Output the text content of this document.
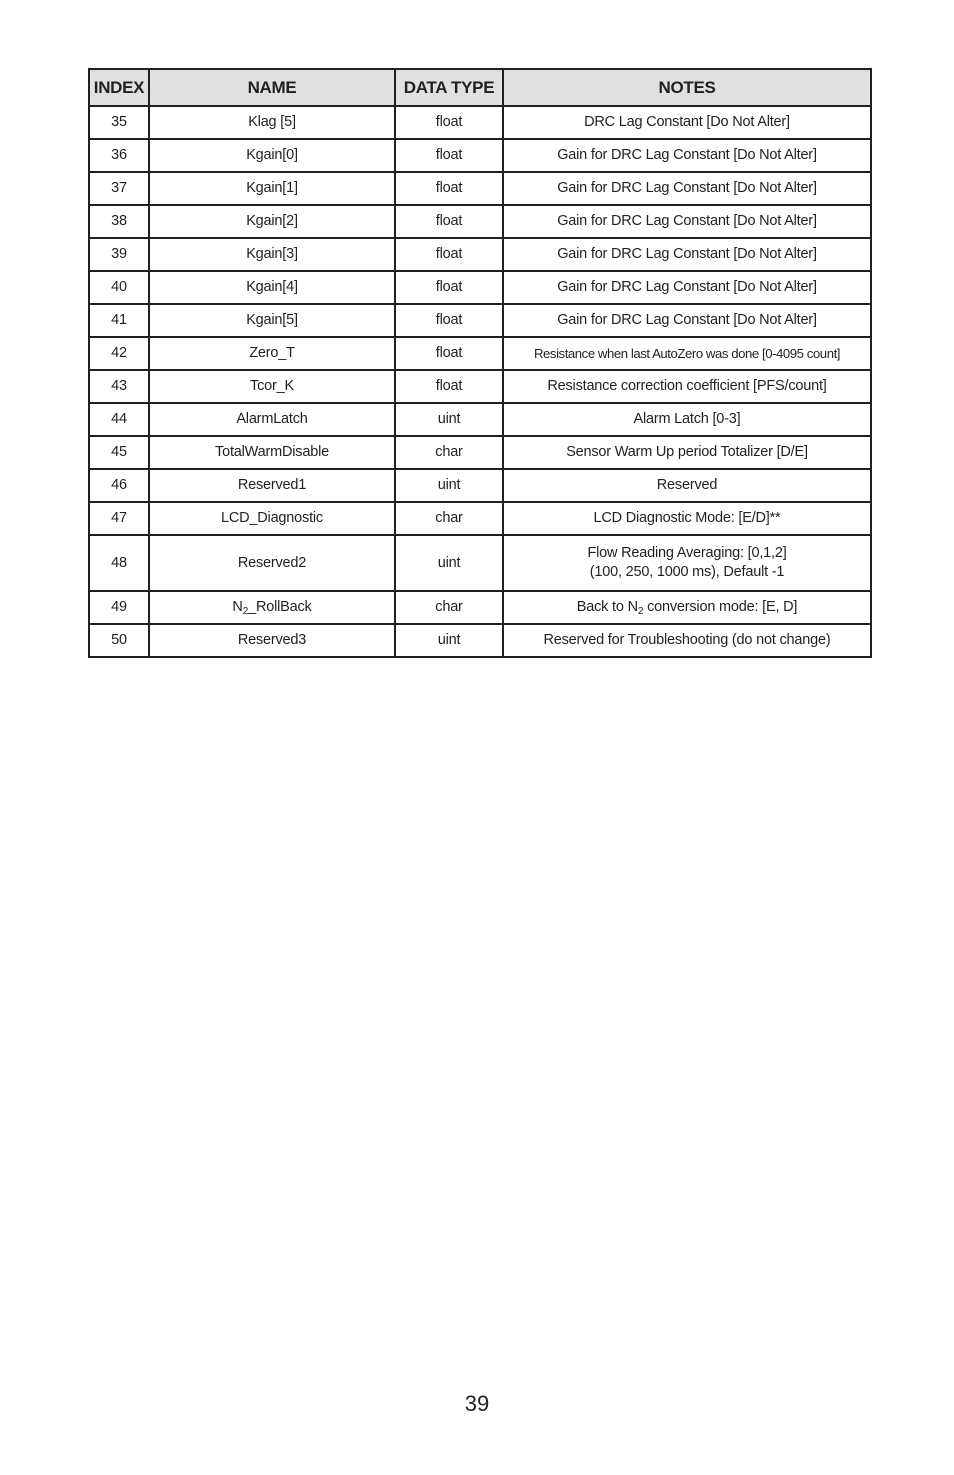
INDEX	NAME	DATA TYPE	NOTES
35	Klag [5]	float	DRC Lag Constant [Do Not Alter]
36	Kgain[0]	float	Gain for DRC Lag Constant [Do Not Alter]
37	Kgain[1]	float	Gain for DRC Lag Constant [Do Not Alter]
38	Kgain[2]	float	Gain for DRC Lag Constant [Do Not Alter]
39	Kgain[3]	float	Gain for DRC Lag Constant [Do Not Alter]
40	Kgain[4]	float	Gain for DRC Lag Constant [Do Not Alter]
41	Kgain[5]	float	Gain for DRC Lag Constant [Do Not Alter]
42	Zero_T	float	Resistance when last AutoZero was done [0-4095 count]
43	Tcor_K	float	Resistance correction coefficient [PFS/count]
44	AlarmLatch	uint	Alarm Latch [0-3]
45	TotalWarmDisable	char	Sensor Warm Up period Totalizer [D/E]
46	Reserved1	uint	Reserved
47	LCD_Diagnostic	char	LCD Diagnostic Mode: [E/D]**
48	Reserved2	uint	Flow Reading Averaging: [0,1,2]
(100, 250, 1000 ms), Default -1

49	$N_2\_RollBack$	char	Back to $N_2$ conversion mode: [E, D]
50	Reserved3	uint	Reserved for Troubleshooting (do not change)
39
